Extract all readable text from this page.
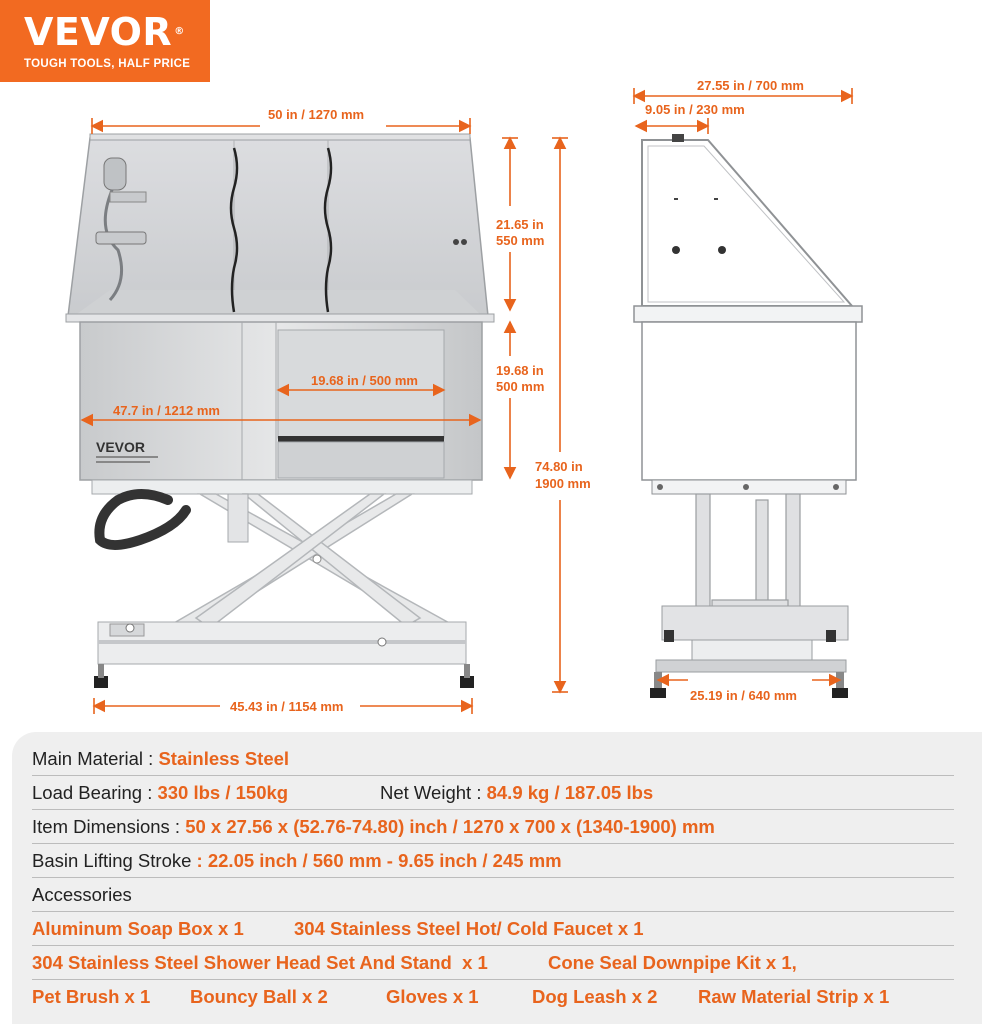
VEVOR ®
TOUGH TOOLS, HALF PRICE
VEVOR
50 in / 1270 mm
21.65 in
550 mm
19.68 in
500 mm
19.68 in / 500 mm
47.7 in / 1212 mm
74.80 in
1900 mm
45.43 in / 1154 mm
27.55 in / 700 mm
9.05 in / 230 mm
25.19 in / 640 mm
Main Material : Stainless Steel
Load Bearing : 330 lbs / 150kg	Net Weight : 84.9 kg / 187.05 lbs
Item Dimensions : 50 x 27.56 x (52.76-74.80) inch / 1270 x 700 x (1340-1900) mm
Basin Lifting Stroke : 22.05 inch / 560 mm - 9.65 inch / 245 mm
Accessories
Aluminum Soap Box x 1	304 Stainless Steel Hot/ Cold Faucet x 1
304 Stainless Steel Shower Head Set And Stand  x 1	Cone Seal Downpipe Kit x 1,
Pet Brush x 1 Bouncy Ball x 2	Gloves x 1	Dog Leash x 2 Raw Material Strip x 1
